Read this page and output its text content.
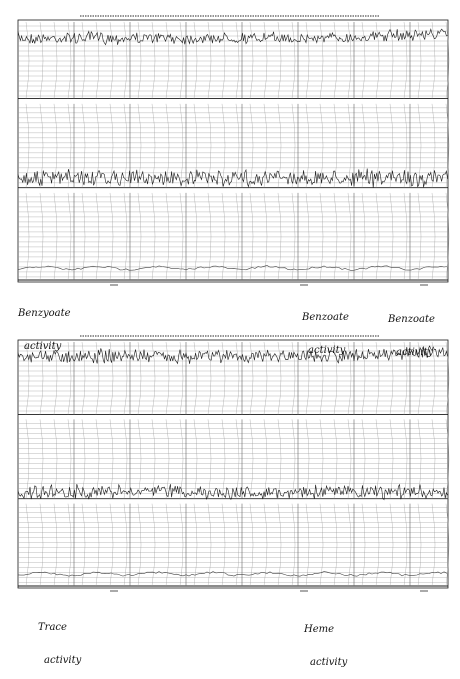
Benzyoate

activity

Benzoate

activity

Benzoate

activity

Trace

activity

Heme

activity
